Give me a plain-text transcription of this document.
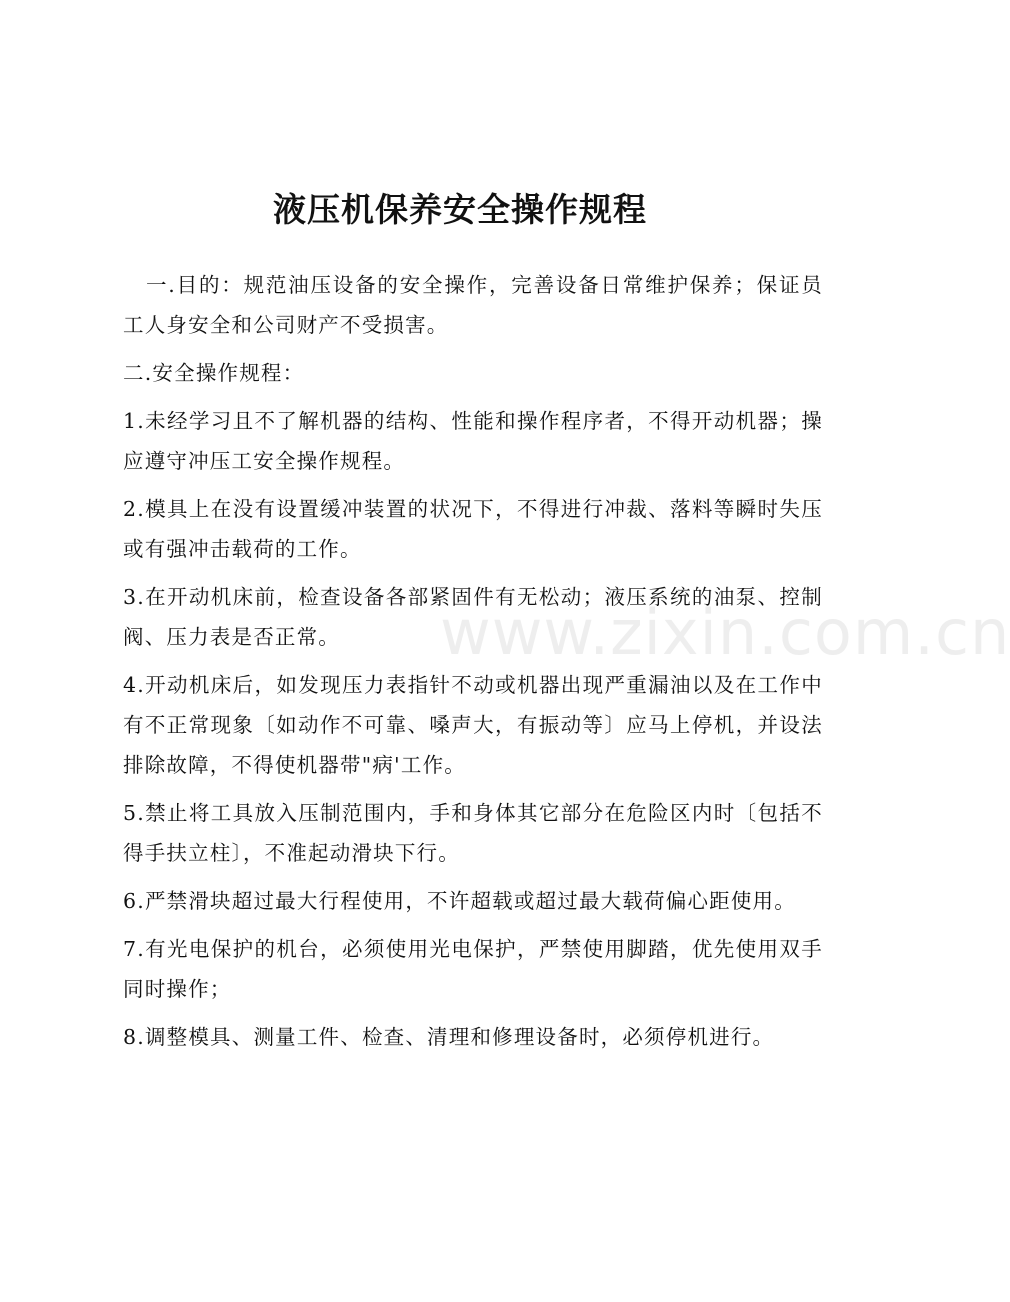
www.zixin.com.cn
液压机保养安全操作规程

一.目的：规范油压设备的安全操作，完善设备日常维护保养；保证员工人身安全和公司财产不受损害。

二.安全操作规程：

1.未经学习且不了解机器的结构、性能和操作程序者，不得开动机器；操应遵守冲压工安全操作规程。

2.模具上在没有设置缓冲装置的状况下，不得进行冲裁、落料等瞬时失压或有强冲击载荷的工作。

3.在开动机床前，检查设备各部紧固件有无松动；液压系统的油泵、控制阀、压力表是否正常。

4.开动机床后，如发现压力表指针不动或机器出现严重漏油以及在工作中有不正常现象〔如动作不可靠、嗓声大，有振动等〕应马上停机，并设法排除故障，不得使机器带"病'工作。

5.禁止将工具放入压制范围内，手和身体其它部分在危险区内时〔包括不得手扶立柱〕，不准起动滑块下行。

6.严禁滑块超过最大行程使用，不许超载或超过最大载荷偏心距使用。

7.有光电保护的机台，必须使用光电保护，严禁使用脚踏，优先使用双手同时操作；

8.调整模具、测量工件、检查、清理和修理设备时，必须停机进行。
